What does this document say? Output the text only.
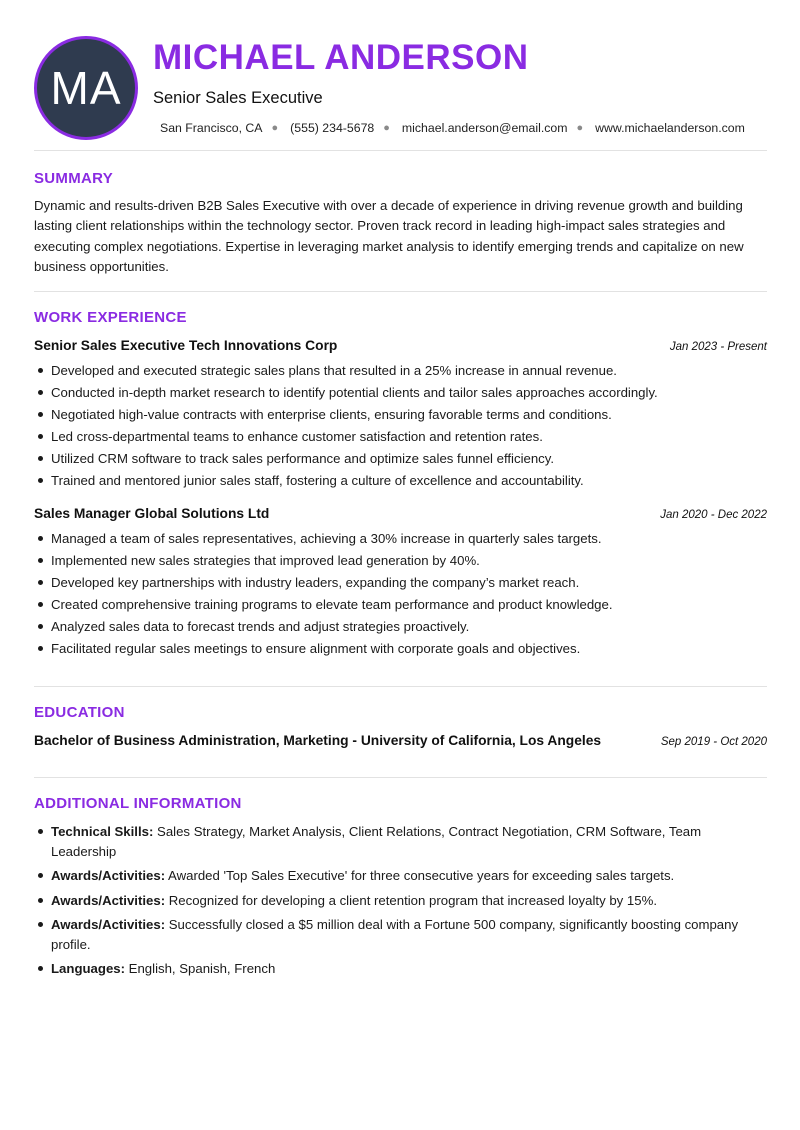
MA
MICHAEL ANDERSON
Senior Sales Executive
San Francisco, CA ● (555) 234-5678 ● michael.anderson@email.com ● www.michaelanderson.com
SUMMARY

Dynamic and results-driven B2B Sales Executive with over a decade of experience in driving revenue growth and building lasting client relationships within the technology sector. Proven track record in leading high-impact sales strategies and executing complex negotiations. Expertise in leveraging market analysis to identify emerging trends and capitalize on new business opportunities.

WORK EXPERIENCE
Senior Sales Executive Tech Innovations Corp	Jan 2023 - Present
Developed and executed strategic sales plans that resulted in a 25% increase in annual revenue.
Conducted in-depth market research to identify potential clients and tailor sales approaches accordingly.
Negotiated high-value contracts with enterprise clients, ensuring favorable terms and conditions.
Led cross-departmental teams to enhance customer satisfaction and retention rates.
Utilized CRM software to track sales performance and optimize sales funnel efficiency.
Trained and mentored junior sales staff, fostering a culture of excellence and accountability.
Sales Manager Global Solutions Ltd	Jan 2020 - Dec 2022
Managed a team of sales representatives, achieving a 30% increase in quarterly sales targets.
Implemented new sales strategies that improved lead generation by 40%.
Developed key partnerships with industry leaders, expanding the company’s market reach.
Created comprehensive training programs to elevate team performance and product knowledge.
Analyzed sales data to forecast trends and adjust strategies proactively.
Facilitated regular sales meetings to ensure alignment with corporate goals and objectives.
EDUCATION
Bachelor of Business Administration, Marketing - University of California, Los Angeles	Sep 2019 - Oct 2020
ADDITIONAL INFORMATION
Technical Skills: Sales Strategy, Market Analysis, Client Relations, Contract Negotiation, CRM Software, Team Leadership
Awards/Activities: Awarded 'Top Sales Executive' for three consecutive years for exceeding sales targets.
Awards/Activities: Recognized for developing a client retention program that increased loyalty by 15%.
Awards/Activities: Successfully closed a $5 million deal with a Fortune 500 company, significantly boosting company profile.
Languages: English, Spanish, French
